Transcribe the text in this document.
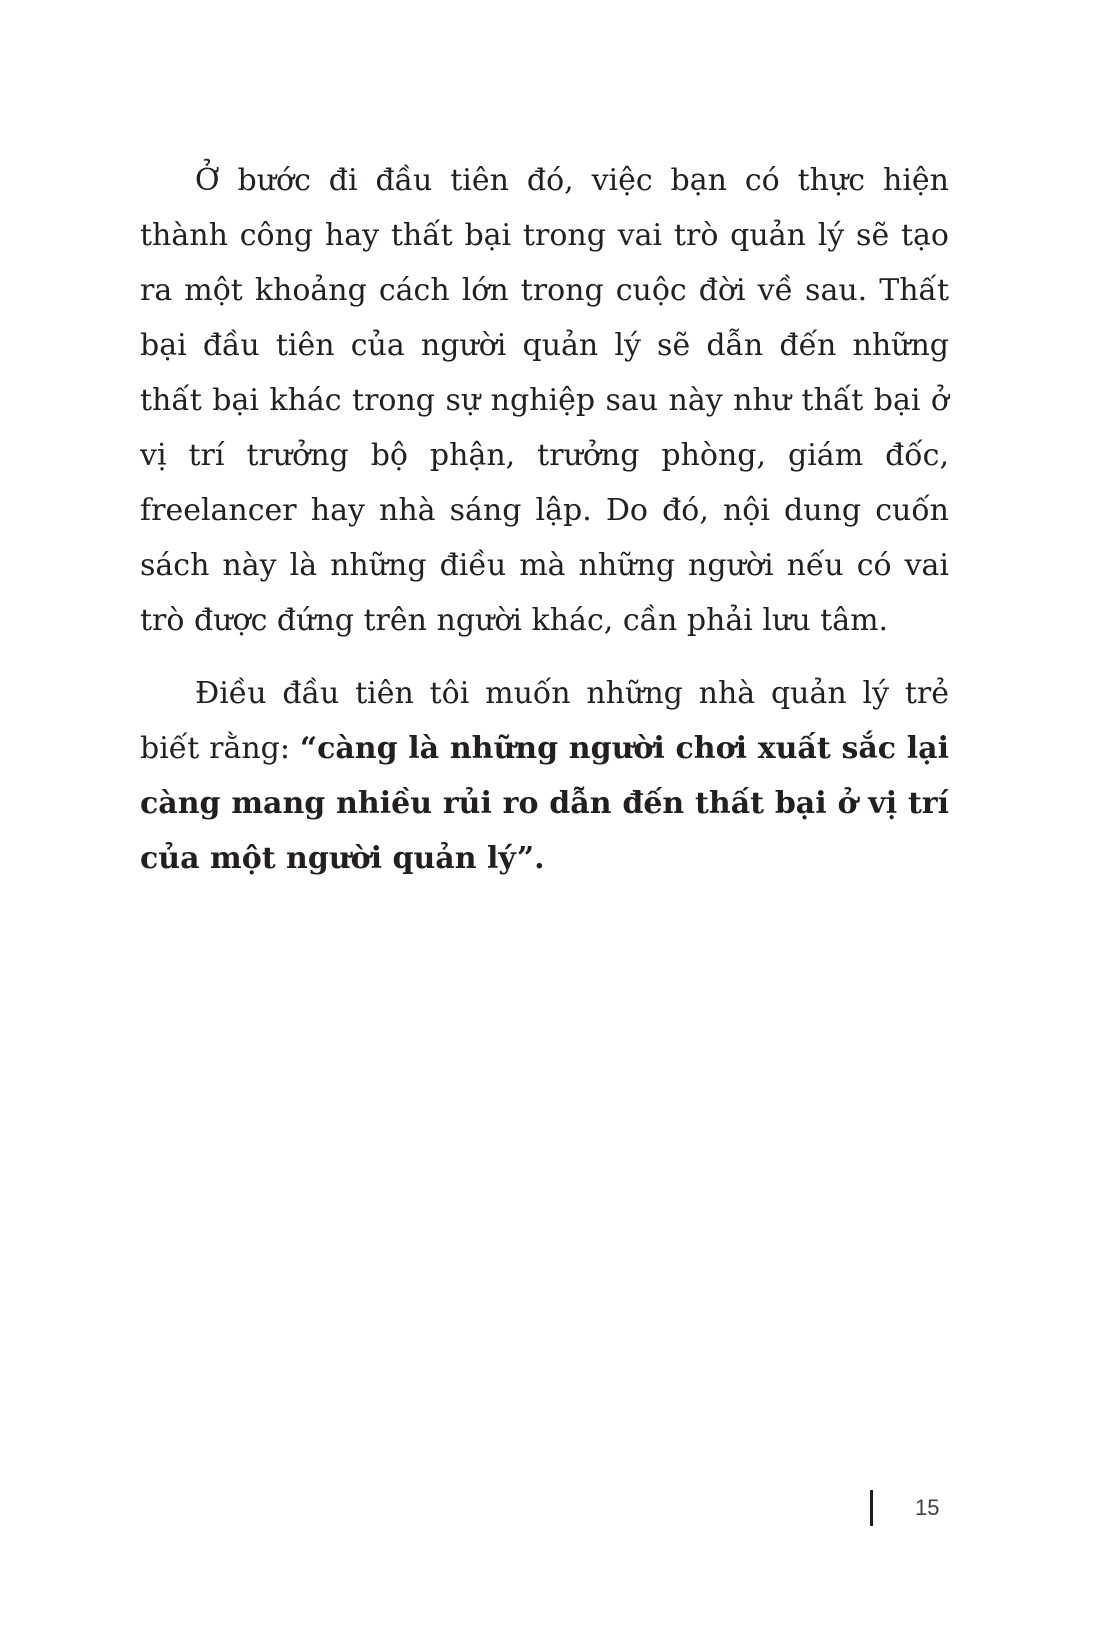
Ở bước đi đầu tiên đó, việc bạn có thực hiện thành công hay thất bại trong vai trò quản lý sẽ tạo ra một khoảng cách lớn trong cuộc đời về sau. Thất bại đầu tiên của người quản lý sẽ dẫn đến những thất bại khác trong sự nghiệp sau này như thất bại ở vị trí trưởng bộ phận, trưởng phòng, giám đốc, freelancer hay nhà sáng lập. Do đó, nội dung cuốn sách này là những điều mà những người nếu có vai trò được đứng trên người khác, cần phải lưu tâm.

Điều đầu tiên tôi muốn những nhà quản lý trẻ biết rằng: “càng là những người chơi xuất sắc lại càng mang nhiều rủi ro dẫn đến thất bại ở vị trí của một người quản lý”.

15
